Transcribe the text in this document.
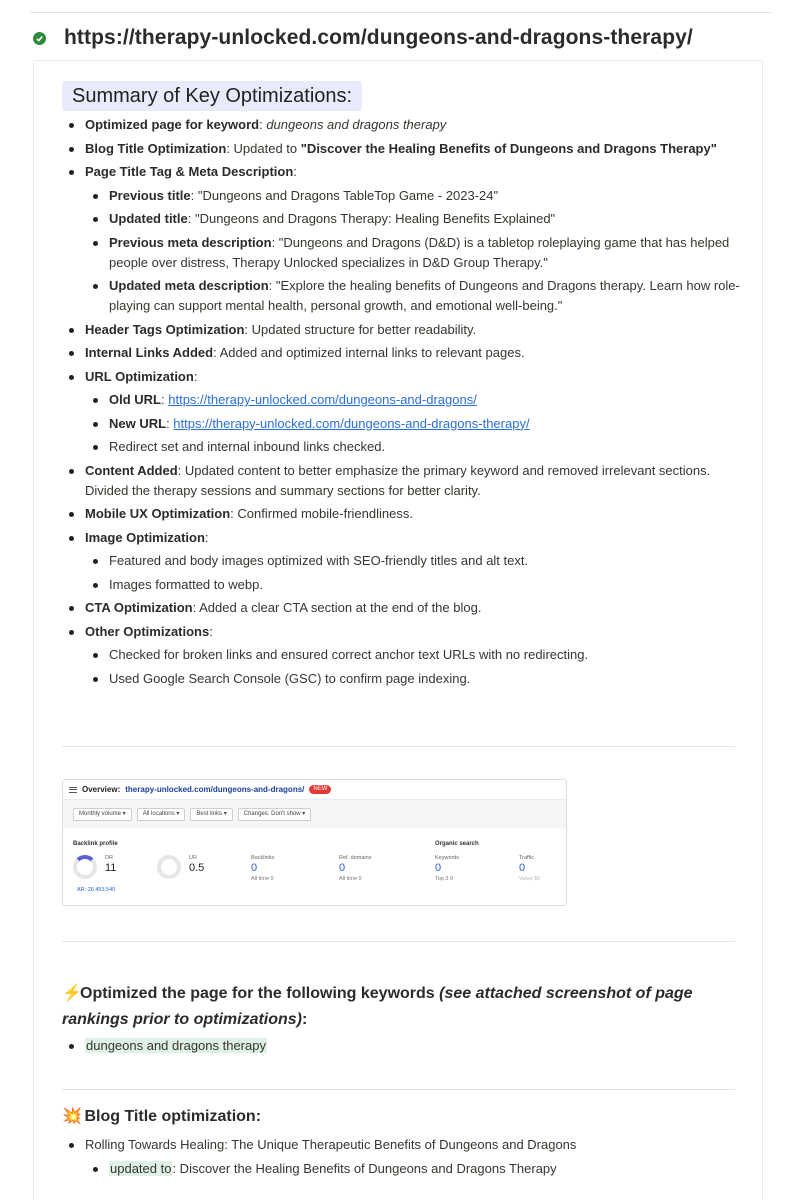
https://therapy-unlocked.com/dungeons-and-dragons-therapy/
Summary of Key Optimizations:
Optimized page for keyword: dungeons and dragons therapy
Blog Title Optimization: Updated to "Discover the Healing Benefits of Dungeons and Dragons Therapy"
Page Title Tag & Meta Description:
Previous title: "Dungeons and Dragons TableTop Game - 2023-24"
Updated title: "Dungeons and Dragons Therapy: Healing Benefits Explained"
Previous meta description: "Dungeons and Dragons (D&D) is a tabletop roleplaying game that has helped people over distress, Therapy Unlocked specializes in D&D Group Therapy."
Updated meta description: "Explore the healing benefits of Dungeons and Dragons therapy. Learn how role-playing can support mental health, personal growth, and emotional well-being."
Header Tags Optimization: Updated structure for better readability.
Internal Links Added: Added and optimized internal links to relevant pages.
URL Optimization:
Old URL: https://therapy-unlocked.com/dungeons-and-dragons/
New URL: https://therapy-unlocked.com/dungeons-and-dragons-therapy/
Redirect set and internal inbound links checked.
Content Added: Updated content to better emphasize the primary keyword and removed irrelevant sections. Divided the therapy sessions and summary sections for better clarity.
Mobile UX Optimization: Confirmed mobile-friendliness.
Image Optimization:
Featured and body images optimized with SEO-friendly titles and alt text.
Images formatted to webp.
CTA Optimization: Added a clear CTA section at the end of the blog.
Other Optimizations:
Checked for broken links and ensured correct anchor text URLs with no redirecting.
Used Google Search Console (GSC) to confirm page indexing.
Overview: therapy-unlocked.com/dungeons-and-dragons/	NEW
Monthly volume ▾	All locations ▾	Best links ▾	Changes: Don't show ▾
Backlink profile	Organic search
DR
11
AR: 26,453,540
UR
0.5
Backlinks
0
All time 0
Ref. domains
0
All time 0
Keywords
0
Top 3 0
Traffic
0
Value $0
⚡Optimized the page for the following keywords (see attached screenshot of page rankings prior to optimizations):
dungeons and dragons therapy
💥 Blog Title optimization:
Rolling Towards Healing: The Unique Therapeutic Benefits of Dungeons and Dragons
updated to: Discover the Healing Benefits of Dungeons and Dragons Therapy
